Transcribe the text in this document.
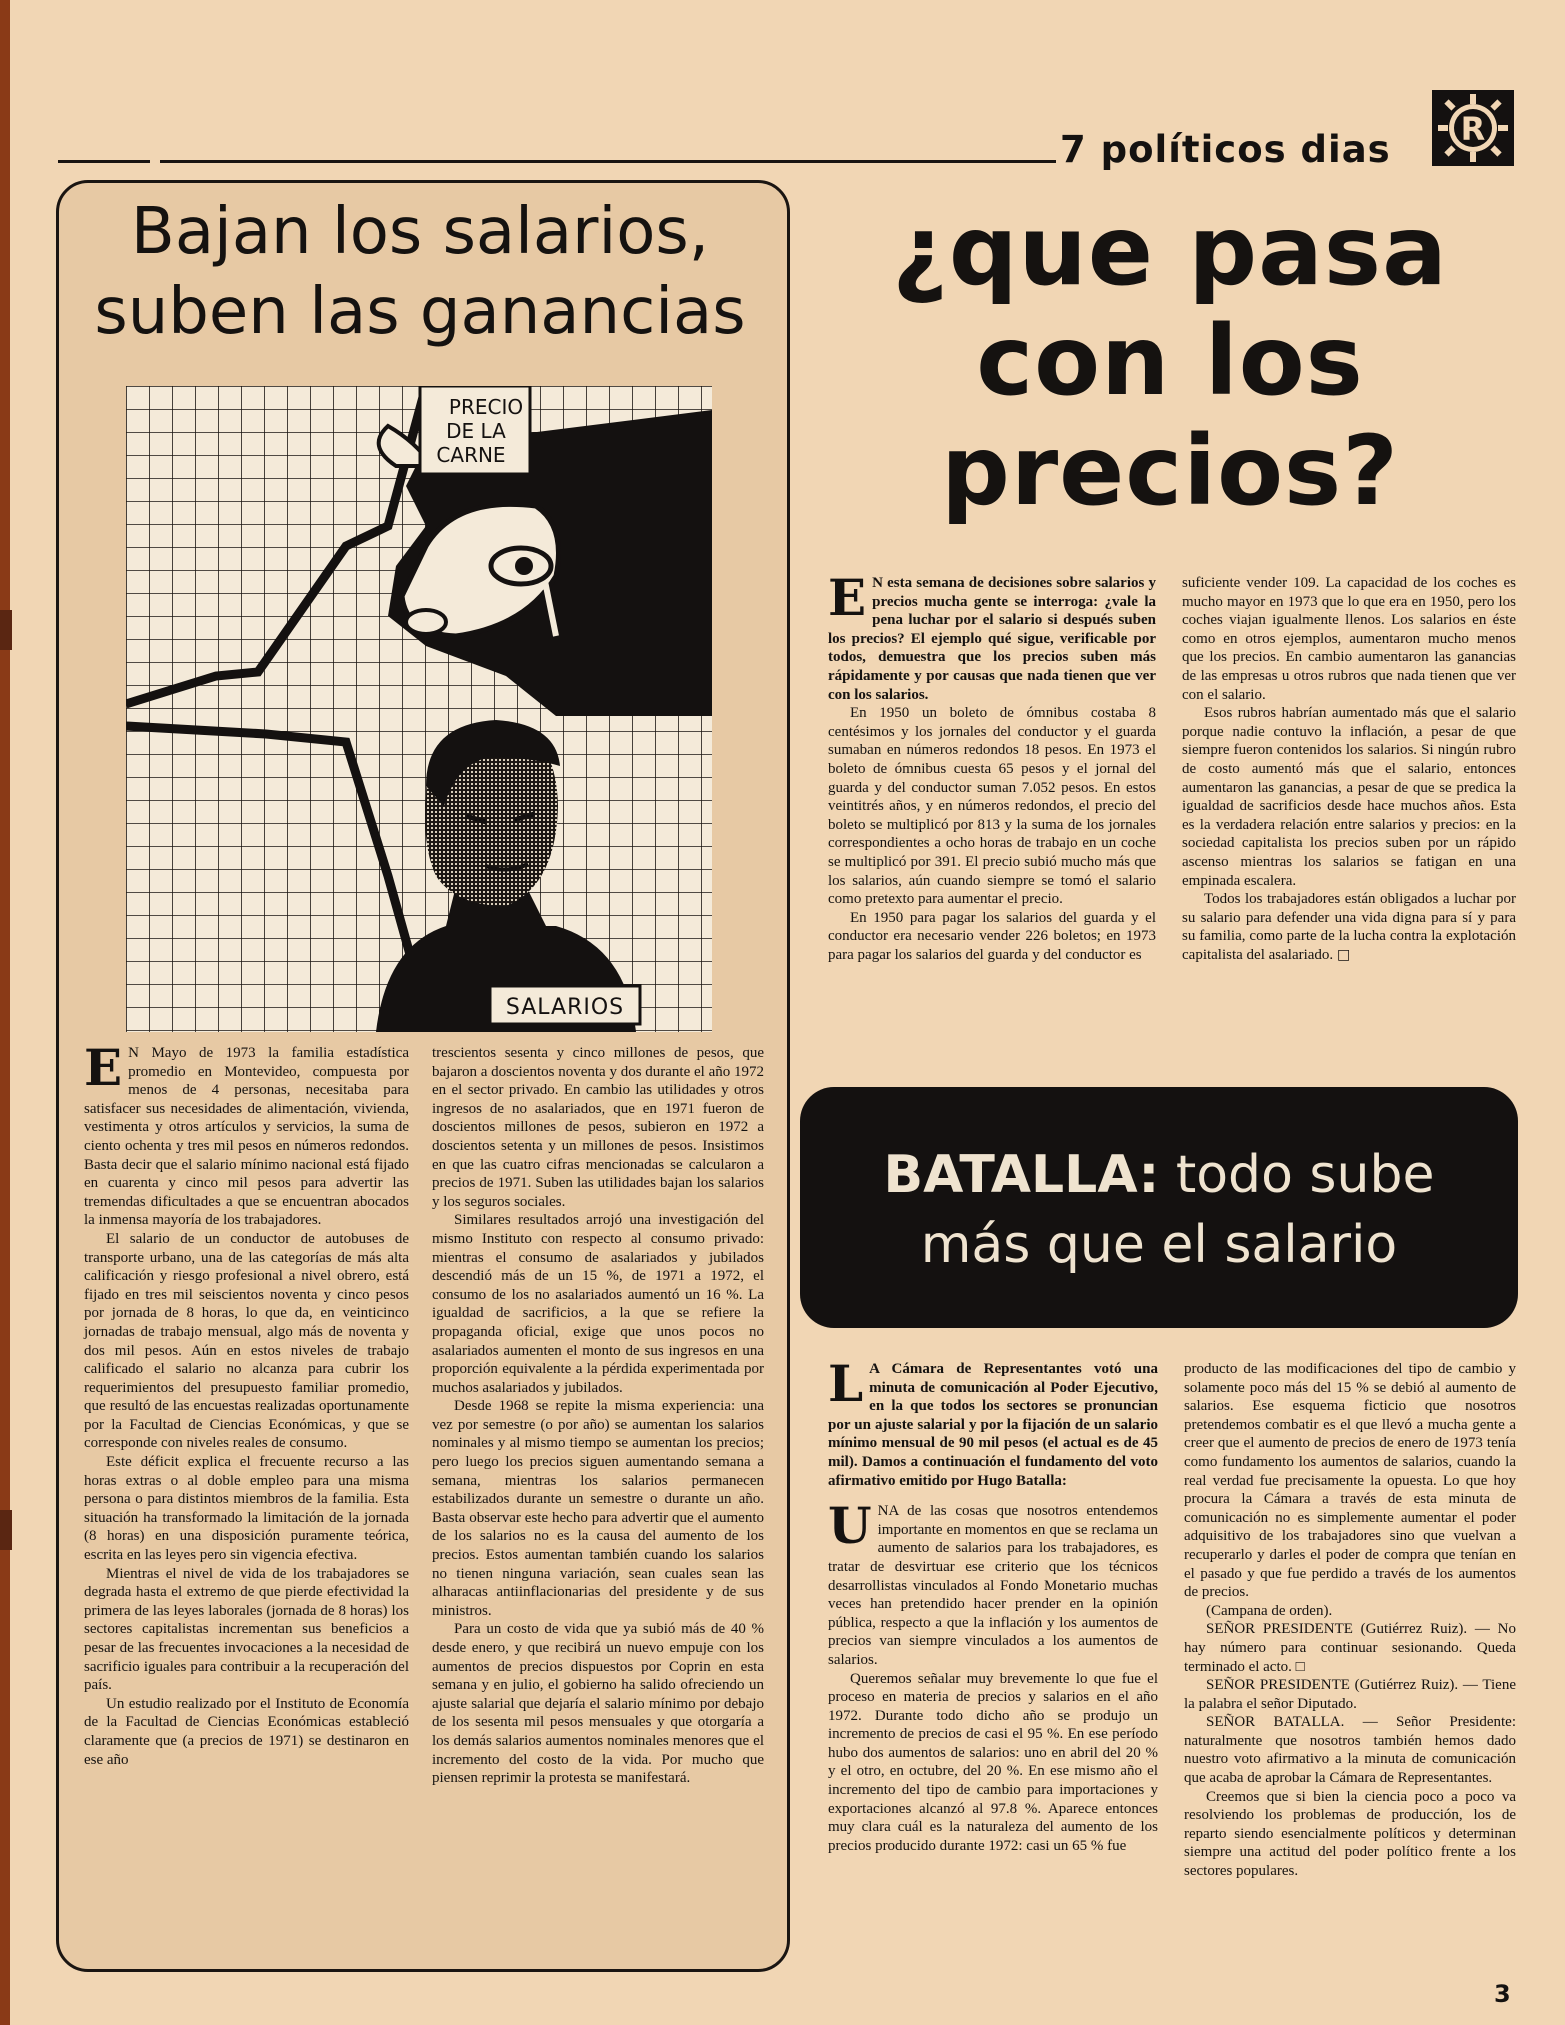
7 políticos dias R
Bajan los salarios,
suben las ganancias
PRECIO
DE LA
CARNE
SALARIOS
E N Mayo de 1973 la familia estadística promedio en Montevideo, compuesta por menos de 4 personas, necesitaba para satisfacer sus necesidades de alimentación, vivienda, vestimenta y otros artículos y servicios, la suma de ciento ochenta y tres mil pesos en números redondos. Basta decir que el salario mínimo nacional está fijado en cuarenta y cinco mil pesos para advertir las tremendas dificultades a que se encuentran abocados la inmensa mayoría de los trabajadores.

El salario de un conductor de autobuses de transporte urbano, una de las categorías de más alta calificación y riesgo profesional a nivel obrero, está fijado en tres mil seiscientos noventa y cinco pesos por jornada de 8 horas, lo que da, en veinticinco jornadas de trabajo mensual, algo más de noventa y dos mil pesos. Aún en estos niveles de trabajo calificado el salario no alcanza para cubrir los requerimientos del presupuesto familiar promedio, que resultó de las encuestas realizadas oportunamente por la Facultad de Ciencias Económicas, y que se corresponde con niveles reales de consumo.

Este déficit explica el frecuente recurso a las horas extras o al doble empleo para una misma persona o para distintos miembros de la familia. Esta situación ha transformado la limitación de la jornada (8 horas) en una disposición puramente teórica, escrita en las leyes pero sin vigencia efectiva.

Mientras el nivel de vida de los trabajadores se degrada hasta el extremo de que pierde efectividad la primera de las leyes laborales (jornada de 8 horas) los sectores capitalistas incrementan sus beneficios a pesar de las frecuentes invocaciones a la necesidad de sacrificio iguales para contribuir a la recuperación del país.

Un estudio realizado por el Instituto de Economía de la Facultad de Ciencias Económicas estableció claramente que (a precios de 1971) se destinaron en ese año

trescientos sesenta y cinco millones de pesos, que bajaron a doscientos noventa y dos durante el año 1972 en el sector privado. En cambio las utilidades y otros ingresos de no asalariados, que en 1971 fueron de doscientos millones de pesos, subieron en 1972 a doscientos setenta y un millones de pesos. Insistimos en que las cuatro cifras mencionadas se calcularon a precios de 1971. Suben las utilidades bajan los salarios y los seguros sociales.

Similares resultados arrojó una investigación del mismo Instituto con respecto al consumo privado: mientras el consumo de asalariados y jubilados descendió más de un 15 %, de 1971 a 1972, el consumo de los no asalariados aumentó un 16 %. La igualdad de sacrificios, a la que se refiere la propaganda oficial, exige que unos pocos no asalariados aumenten el monto de sus ingresos en una proporción equivalente a la pérdida experimentada por muchos asalariados y jubilados.

Desde 1968 se repite la misma experiencia: una vez por semestre (o por año) se aumentan los salarios nominales y al mismo tiempo se aumentan los precios; pero luego los precios siguen aumentando semana a semana, mientras los salarios permanecen estabilizados durante un semestre o durante un año. Basta observar este hecho para advertir que el aumento de los salarios no es la causa del aumento de los precios. Estos aumentan también cuando los salarios no tienen ninguna variación, sean cuales sean las alharacas antiinflacionarias del presidente y de sus ministros.

Para un costo de vida que ya subió más de 40 % desde enero, y que recibirá un nuevo empuje con los aumentos de precios dispuestos por Coprin en esta semana y en julio, el gobierno ha salido ofreciendo un ajuste salarial que dejaría el salario mínimo por debajo de los sesenta mil pesos mensuales y que otorgaría a los demás salarios aumentos nominales menores que el incremento del costo de la vida. Por mucho que piensen reprimir la protesta se manifestará.

¿que pasa
con los
precios?
E N esta semana de decisiones sobre salarios y precios mucha gente se interroga: ¿vale la pena luchar por el salario si después suben los precios? El ejemplo qué sigue, verificable por todos, demuestra que los precios suben más rápidamente y por causas que nada tienen que ver con los salarios.

En 1950 un boleto de ómnibus costaba 8 centésimos y los jornales del conductor y el guarda sumaban en números redondos 18 pesos. En 1973 el boleto de ómnibus cuesta 65 pesos y el jornal del guarda y del conductor suman 7.052 pesos. En estos veintitrés años, y en números redondos, el precio del boleto se multiplicó por 813 y la suma de los jornales correspondientes a ocho horas de trabajo en un coche se multiplicó por 391. El precio subió mucho más que los salarios, aún cuando siempre se tomó el salario como pretexto para aumentar el precio.

En 1950 para pagar los salarios del guarda y el conductor era necesario vender 226 boletos; en 1973 para pagar los salarios del guarda y del conductor es

suficiente vender 109. La capacidad de los coches es mucho mayor en 1973 que lo que era en 1950, pero los coches viajan igualmente llenos. Los salarios en éste como en otros ejemplos, aumentaron mucho menos que los precios. En cambio aumentaron las ganancias de las empresas u otros rubros que nada tienen que ver con el salario.

Esos rubros habrían aumentado más que el salario porque nadie contuvo la inflación, a pesar de que siempre fueron contenidos los salarios. Si ningún rubro de costo aumentó más que el salario, entonces aumentaron las ganancias, a pesar de que se predica la igualdad de sacrificios desde hace muchos años. Esta es la verdadera relación entre salarios y precios: en la sociedad capitalista los precios suben por un rápido ascenso mientras los salarios se fatigan en una empinada escalera.

Todos los trabajadores están obligados a luchar por su salario para defender una vida digna para sí y para su familia, como parte de la lucha contra la explotación capitalista del asalariado. □

BATALLA: todo sube
más que el salario
L A Cámara de Representantes votó una minuta de comunicación al Poder Ejecutivo, en la que todos los sectores se pronuncian por un ajuste salarial y por la fijación de un salario mínimo mensual de 90 mil pesos (el actual es de 45 mil). Damos a continuación el fundamento del voto afirmativo emitido por Hugo Batalla:

U NA de las cosas que nosotros entendemos importante en momentos en que se reclama un aumento de salarios para los trabajadores, es tratar de desvirtuar ese criterio que los técnicos desarrollistas vinculados al Fondo Monetario muchas veces han pretendido hacer prender en la opinión pública, respecto a que la inflación y los aumentos de precios van siempre vinculados a los aumentos de salarios.

Queremos señalar muy brevemente lo que fue el proceso en materia de precios y salarios en el año 1972. Durante todo dicho año se produjo un incremento de precios de casi el 95 %. En ese período hubo dos aumentos de salarios: uno en abril del 20 % y el otro, en octubre, del 20 %. En ese mismo año el incremento del tipo de cambio para importaciones y exportaciones alcanzó al 97.8 %. Aparece entonces muy clara cuál es la naturaleza del aumento de los precios producido durante 1972: casi un 65 % fue

producto de las modificaciones del tipo de cambio y solamente poco más del 15 % se debió al aumento de salarios. Ese esquema ficticio que nosotros pretendemos combatir es el que llevó a mucha gente a creer que el aumento de precios de enero de 1973 tenía como fundamento los aumentos de salarios, cuando la real verdad fue precisamente la opuesta. Lo que hoy procura la Cámara a través de esta minuta de comunicación no es simplemente aumentar el poder adquisitivo de los trabajadores sino que vuelvan a recuperarlo y darles el poder de compra que tenían en el pasado y que fue perdido a través de los aumentos de precios.

(Campana de orden).

SEÑOR PRESIDENTE (Gutiérrez Ruiz). — No hay número para continuar sesionando. Queda terminado el acto. □

SEÑOR PRESIDENTE (Gutiérrez Ruiz). — Tiene la palabra el señor Diputado.

SEÑOR BATALLA. — Señor Presidente: naturalmente que nosotros también hemos dado nuestro voto afirmativo a la minuta de comunicación que acaba de aprobar la Cámara de Representantes.

Creemos que si bien la ciencia poco a poco va resolviendo los problemas de producción, los de reparto siendo esencialmente políticos y determinan siempre una actitud del poder político frente a los sectores populares.

3
